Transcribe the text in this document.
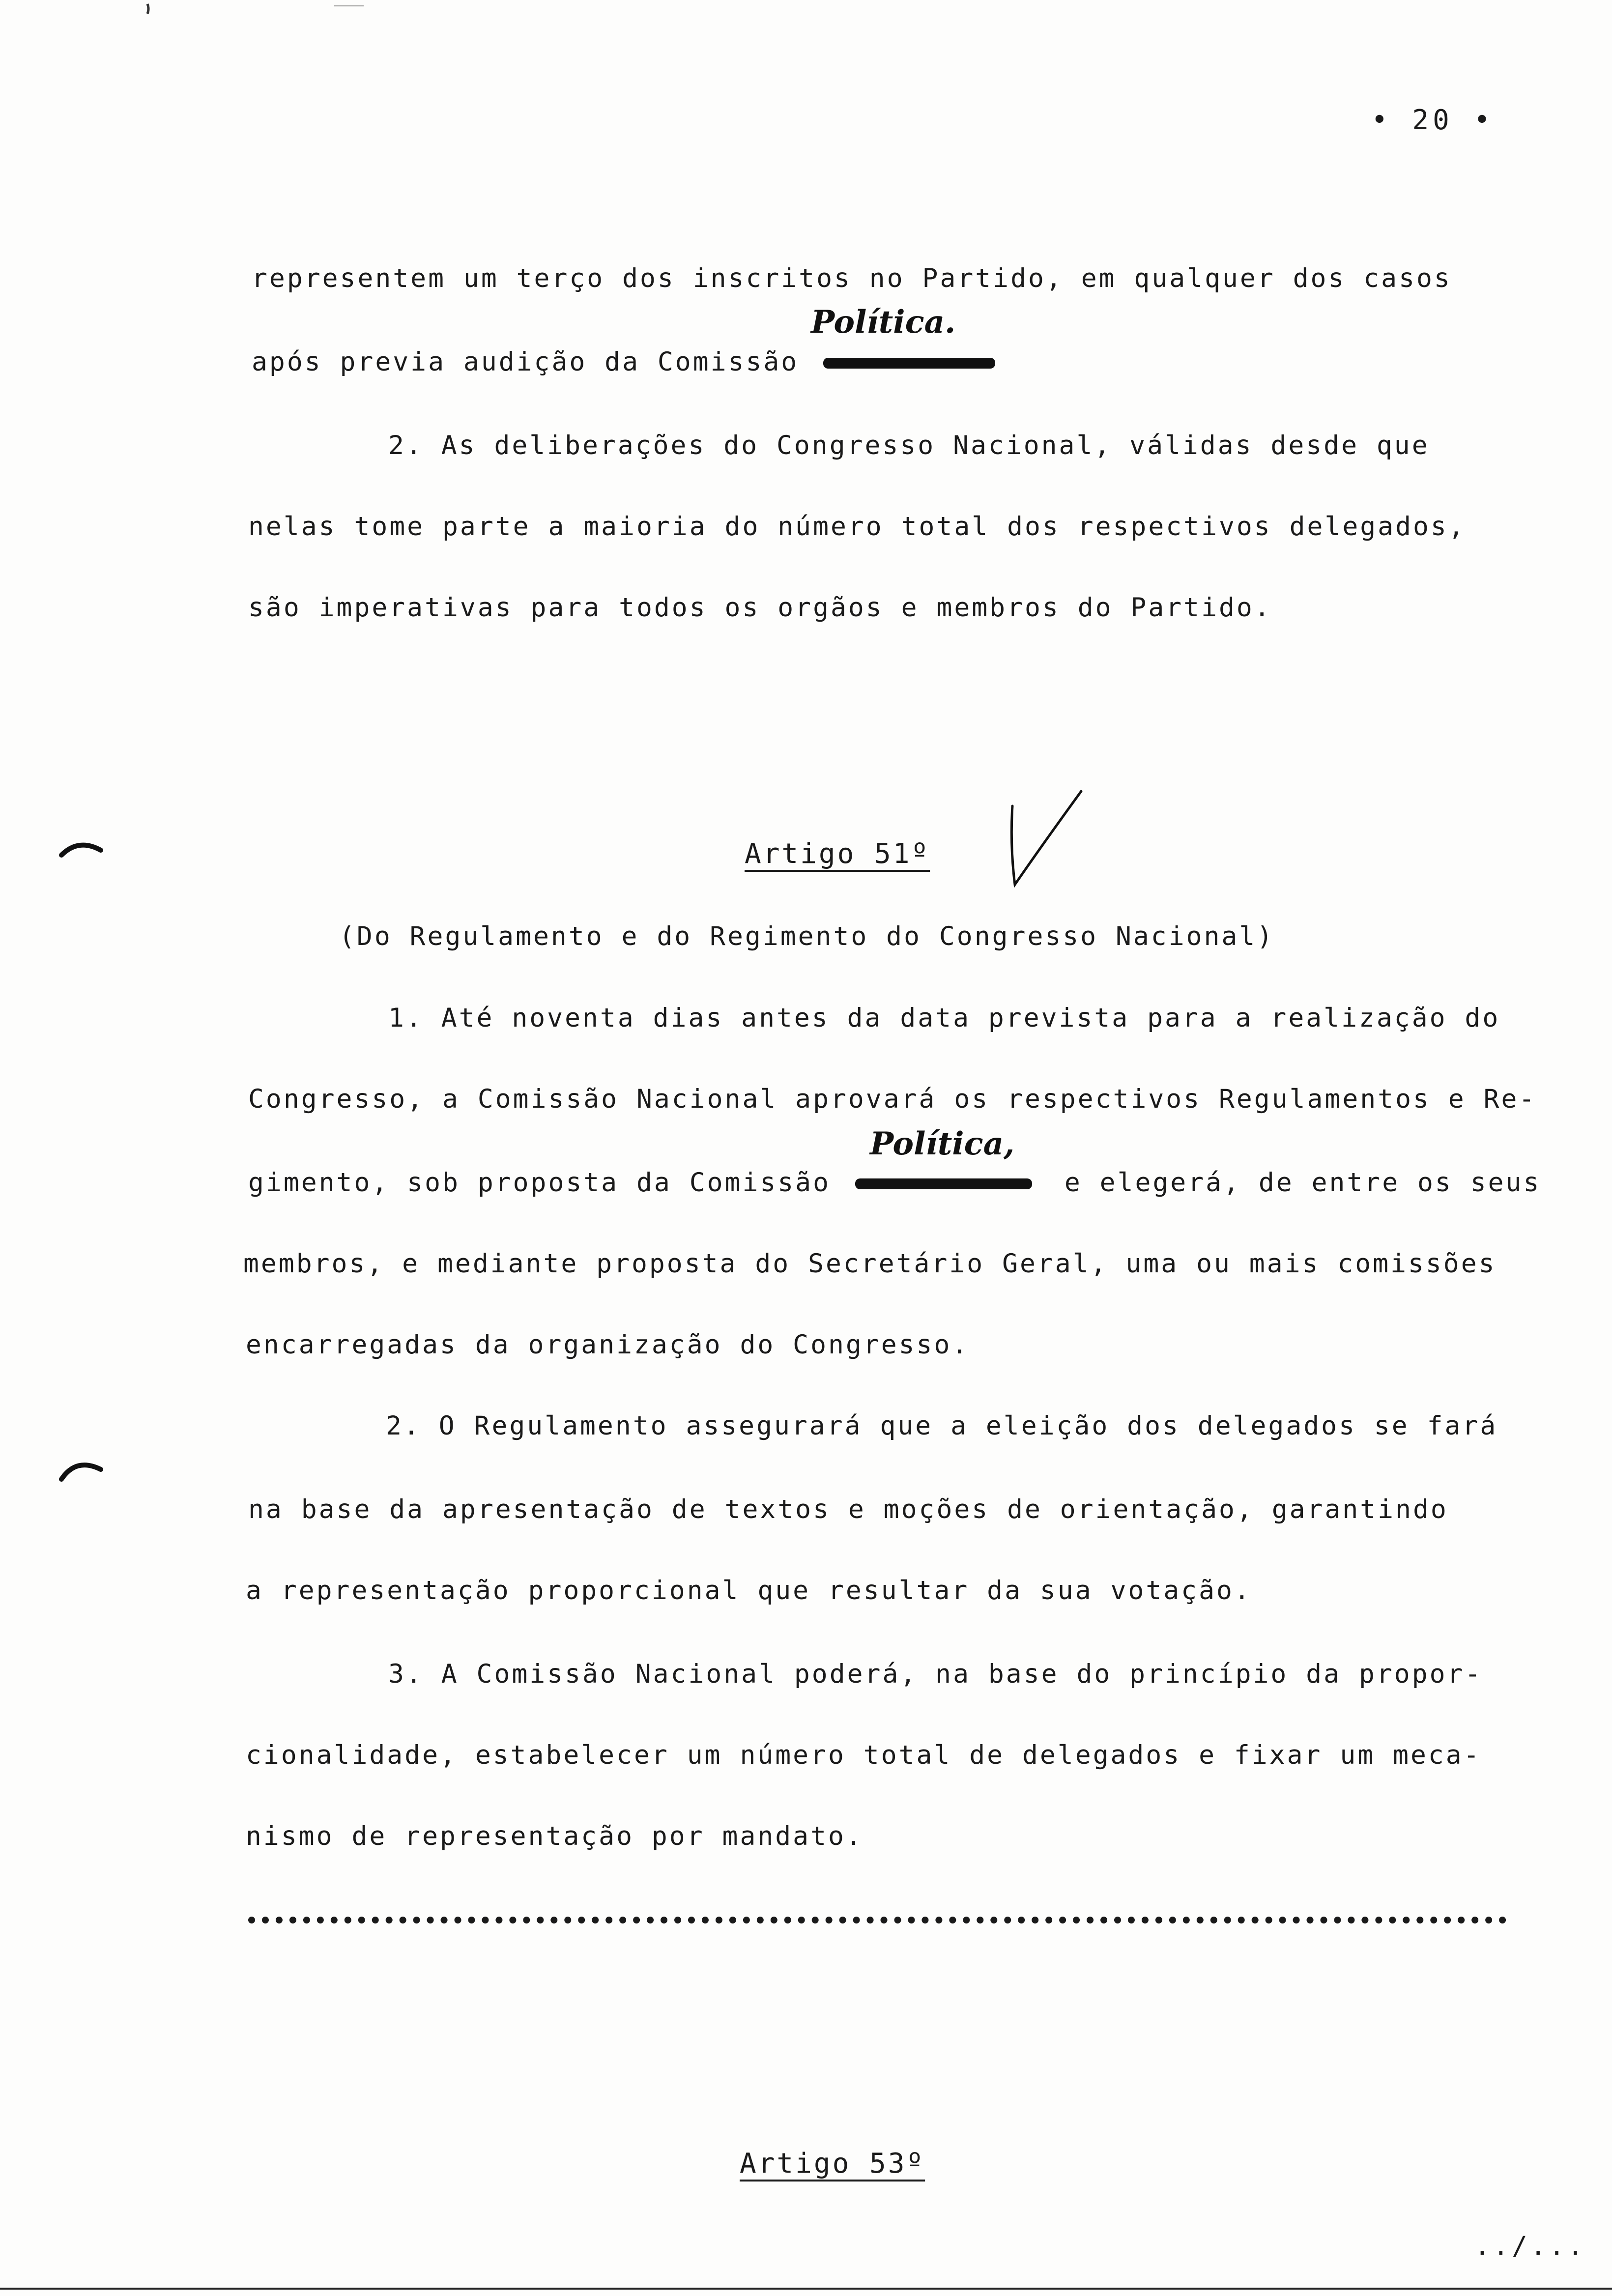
• 20 •
representem um terço dos inscritos no Partido, em qualquer dos casos
Política.
após previa audição da Comissão
2. As deliberações do Congresso Nacional, válidas desde que
nelas tome parte a maioria do número total dos respectivos delegados,
são imperativas para todos os orgãos e membros do Partido.
Artigo 51º
(Do Regulamento e do Regimento do Congresso Nacional)
1. Até noventa dias antes da data prevista para a realização do
Congresso, a Comissão Nacional aprovará os respectivos Regulamentos e Re-
Política,
gimento, sob proposta da Comissão	e elegerá, de entre os seus
membros, e mediante proposta do Secretário Geral, uma ou mais comissões
encarregadas da organização do Congresso.
2. O Regulamento assegurará que a eleição dos delegados se fará
na base da apresentação de textos e moções de orientação, garantindo
a representação proporcional que resultar da sua votação.
3. A Comissão Nacional poderá, na base do princípio da propor-
cionalidade, estabelecer um número total de delegados e fixar um meca-
nismo de representação por mandato.
Artigo 53º
../...
